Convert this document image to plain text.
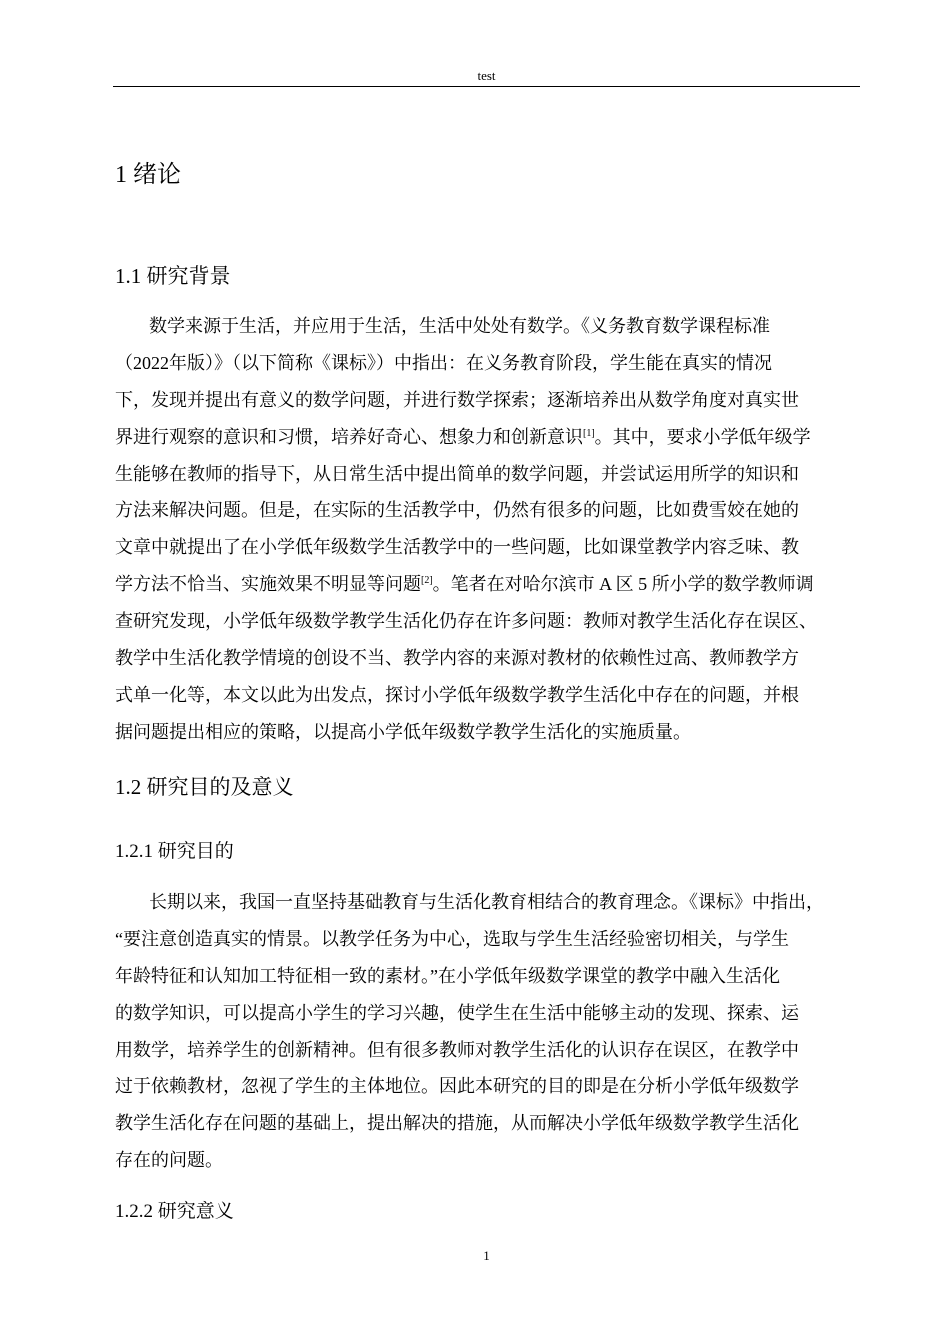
test
1 绪论
1.1 研究背景
数学来源于生活，并应用于生活，生活中处处有数学。《义务教育数学课程标准
（2022年版）》（以下简称《课标》）中指出：在义务教育阶段，学生能在真实的情况
下，发现并提出有意义的数学问题，并进行数学探索；逐渐培养出从数学角度对真实世
界进行观察的意识和习惯，培养好奇心、想象力和创新意识[1]。其中，要求小学低年级学
生能够在教师的指导下，从日常生活中提出简单的数学问题，并尝试运用所学的知识和
方法来解决问题。但是，在实际的生活教学中，仍然有很多的问题，比如费雪姣在她的
文章中就提出了在小学低年级数学生活教学中的一些问题，比如课堂教学内容乏味、教
学方法不恰当、实施效果不明显等问题[2]。笔者在对哈尔滨市 A 区 5 所小学的数学教师调
查研究发现，小学低年级数学教学生活化仍存在许多问题：教师对教学生活化存在误区、
教学中生活化教学情境的创设不当、教学内容的来源对教材的依赖性过高、教师教学方
式单一化等，本文以此为出发点，探讨小学低年级数学教学生活化中存在的问题，并根
据问题提出相应的策略，以提高小学低年级数学教学生活化的实施质量。
1.2 研究目的及意义
1.2.1 研究目的
长期以来，我国一直坚持基础教育与生活化教育相结合的教育理念。《课标》中指出，
“要注意创造真实的情景。以教学任务为中心，选取与学生生活经验密切相关，与学生
年龄特征和认知加工特征相一致的素材。”在小学低年级数学课堂的教学中融入生活化
的数学知识，可以提高小学生的学习兴趣，使学生在生活中能够主动的发现、探索、运
用数学，培养学生的创新精神。但有很多教师对教学生活化的认识存在误区，在教学中
过于依赖教材，忽视了学生的主体地位。因此本研究的目的即是在分析小学低年级数学
教学生活化存在问题的基础上，提出解决的措施，从而解决小学低年级数学教学生活化
存在的问题。
1.2.2 研究意义
1
